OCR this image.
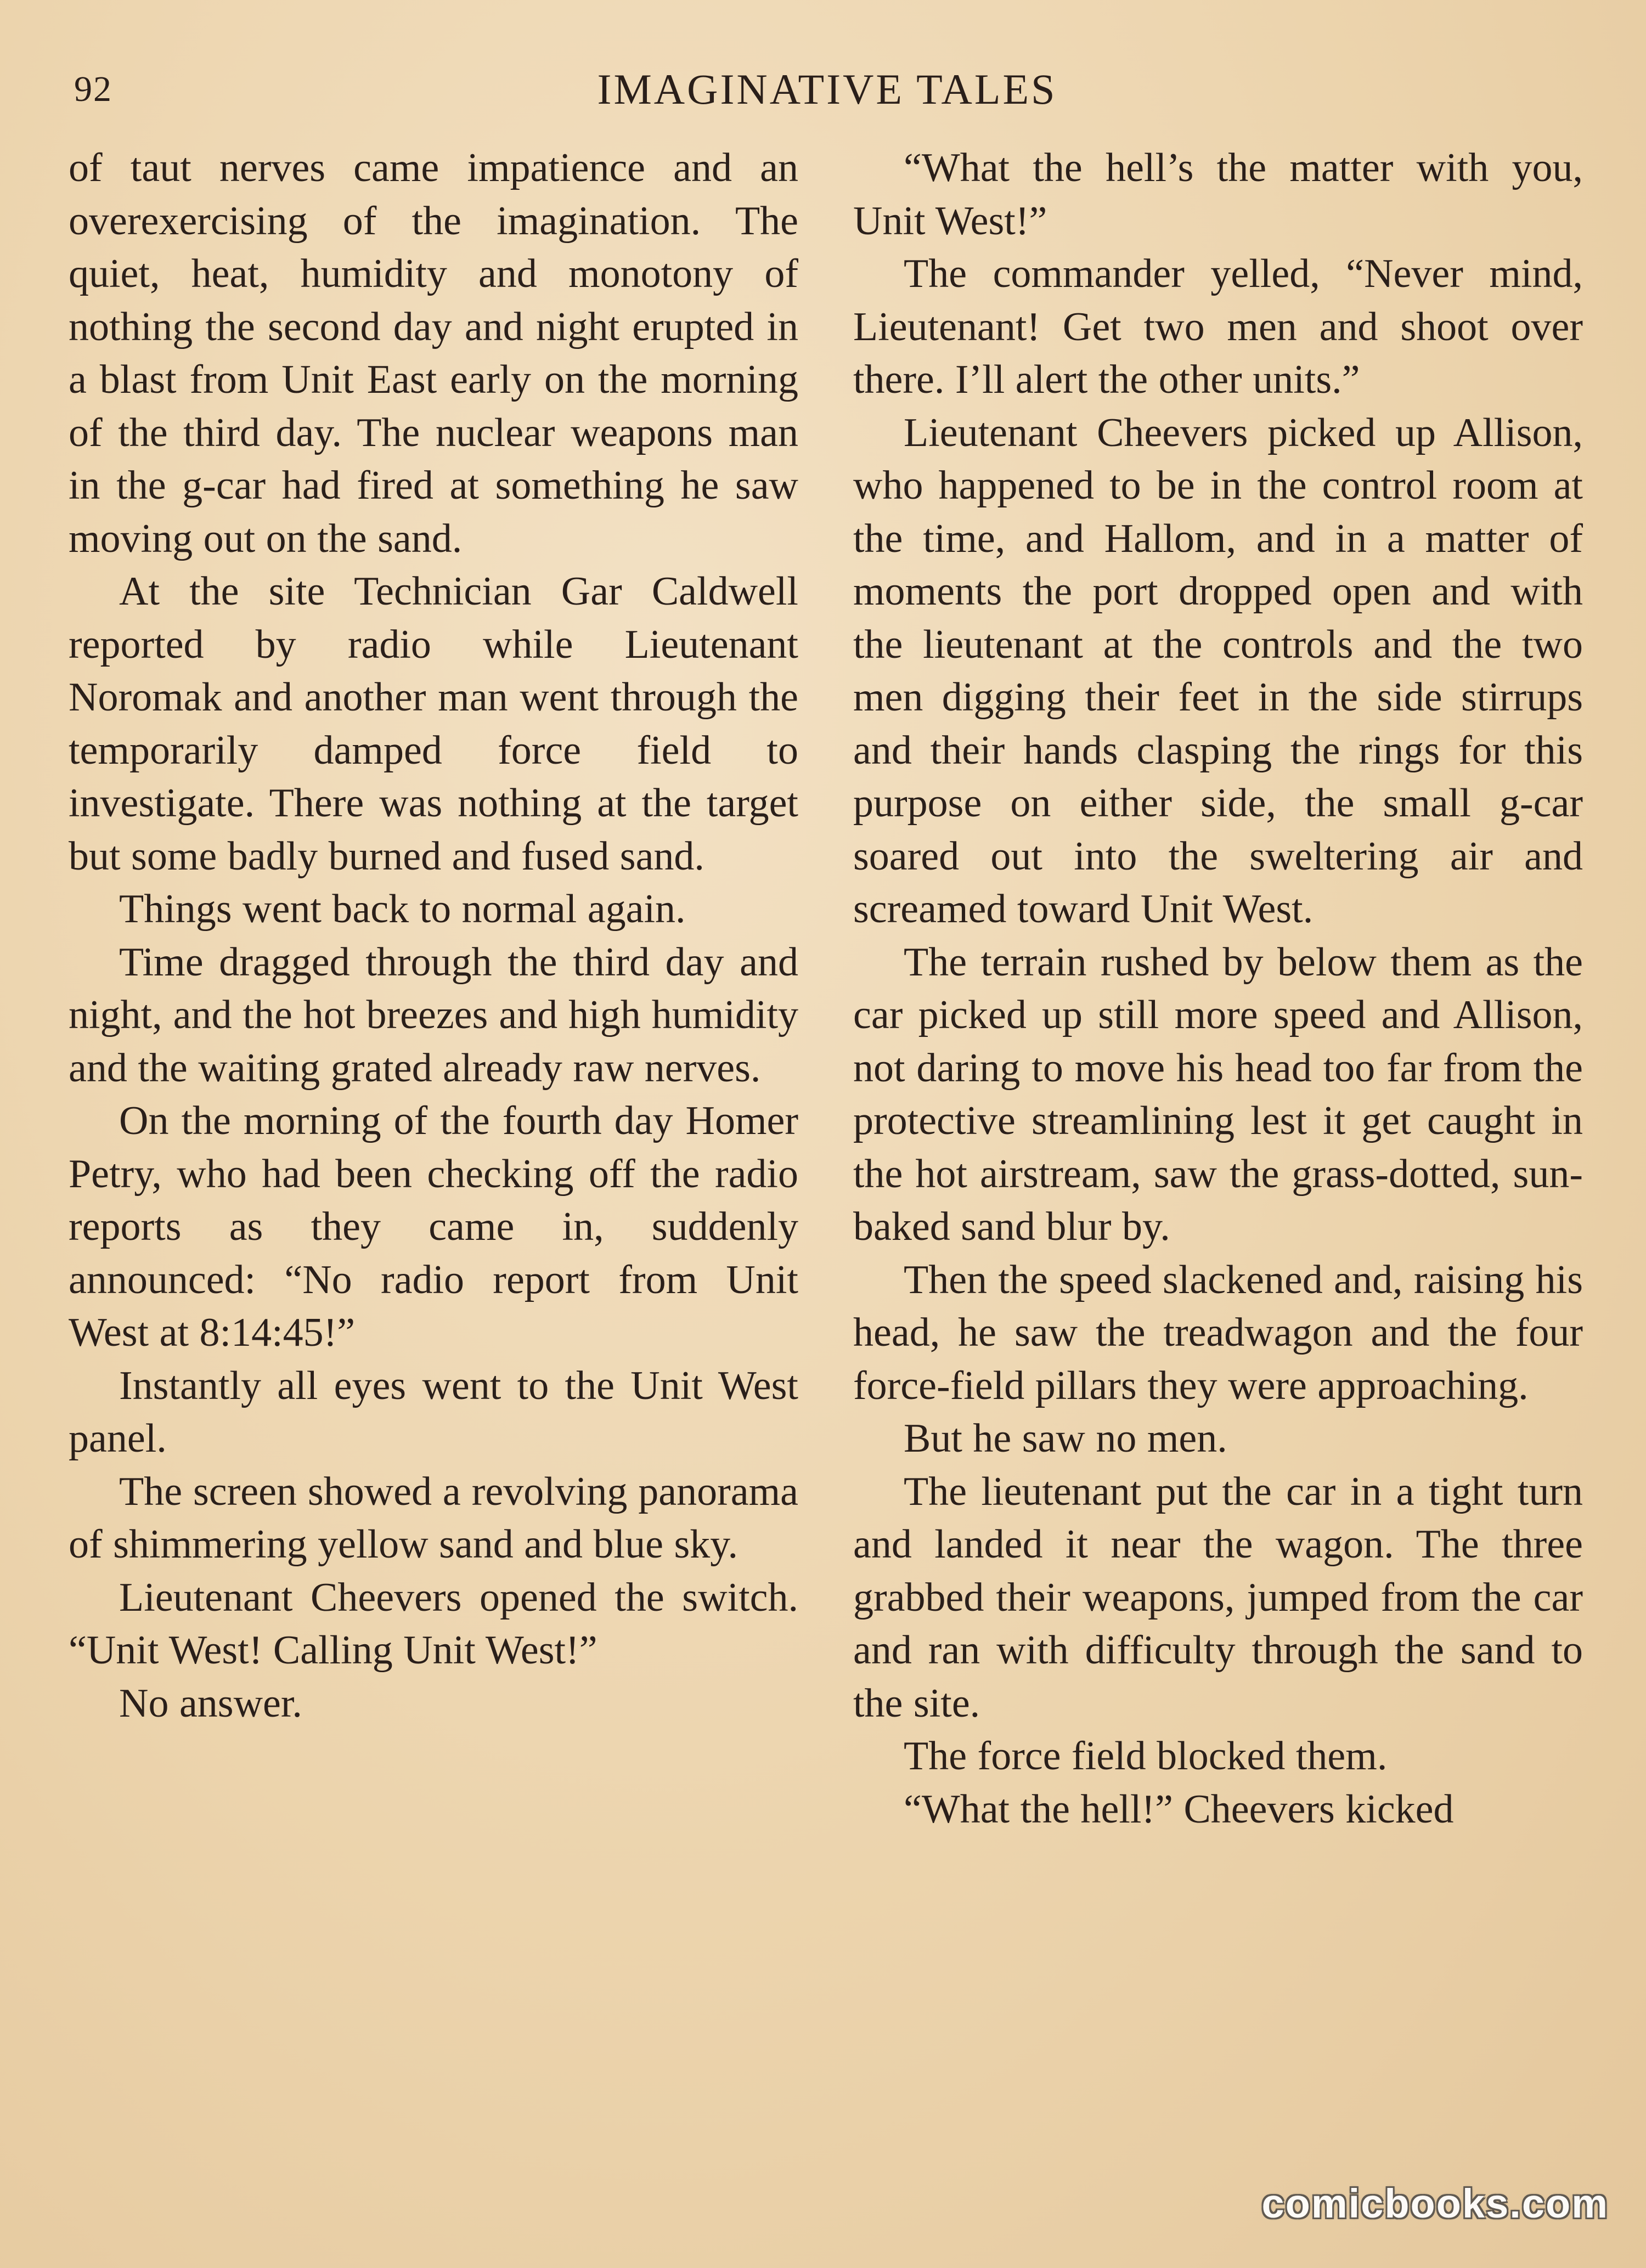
92	IMAGINATIVE TALES

of taut nerves came impatience and an overexercising of the imagination. The quiet, heat, humidity and monotony of nothing the second day and night erupted in a blast from Unit East early on the morning of the third day. The nuclear weapons man in the g-car had fired at something he saw moving out on the sand.

At the site Technician Gar Caldwell reported by radio while Lieutenant Noromak and another man went through the temporarily damped force field to investigate. There was nothing at the target but some badly burned and fused sand.

Things went back to normal again.

Time dragged through the third day and night, and the hot breezes and high humidity and the waiting grated already raw nerves.

On the morning of the fourth day Homer Petry, who had been checking off the radio reports as they came in, suddenly announced: “No radio report from Unit West at 8:14:45!”

Instantly all eyes went to the Unit West panel.

The screen showed a revolving panorama of shimmering yellow sand and blue sky.

Lieutenant Cheevers opened the switch. “Unit West! Calling Unit West!”

No answer.

“What the hell’s the matter with you, Unit West!”

The commander yelled, “Never mind, Lieutenant! Get two men and shoot over there. I’ll alert the other units.”

Lieutenant Cheevers picked up Allison, who happened to be in the control room at the time, and Hallom, and in a matter of moments the port dropped open and with the lieutenant at the controls and the two men digging their feet in the side stirrups and their hands clasping the rings for this purpose on either side, the small g-car soared out into the sweltering air and screamed toward Unit West.

The terrain rushed by below them as the car picked up still more speed and Allison, not daring to move his head too far from the protective streamlining lest it get caught in the hot airstream, saw the grass-dotted, sun-baked sand blur by.

Then the speed slackened and, raising his head, he saw the treadwagon and the four force-field pillars they were approaching.

But he saw no men.

The lieutenant put the car in a tight turn and landed it near the wagon. The three grabbed their weapons, jumped from the car and ran with difficulty through the sand to the site.

The force field blocked them.

“What the hell!” Cheevers kicked

comicbooks.com
